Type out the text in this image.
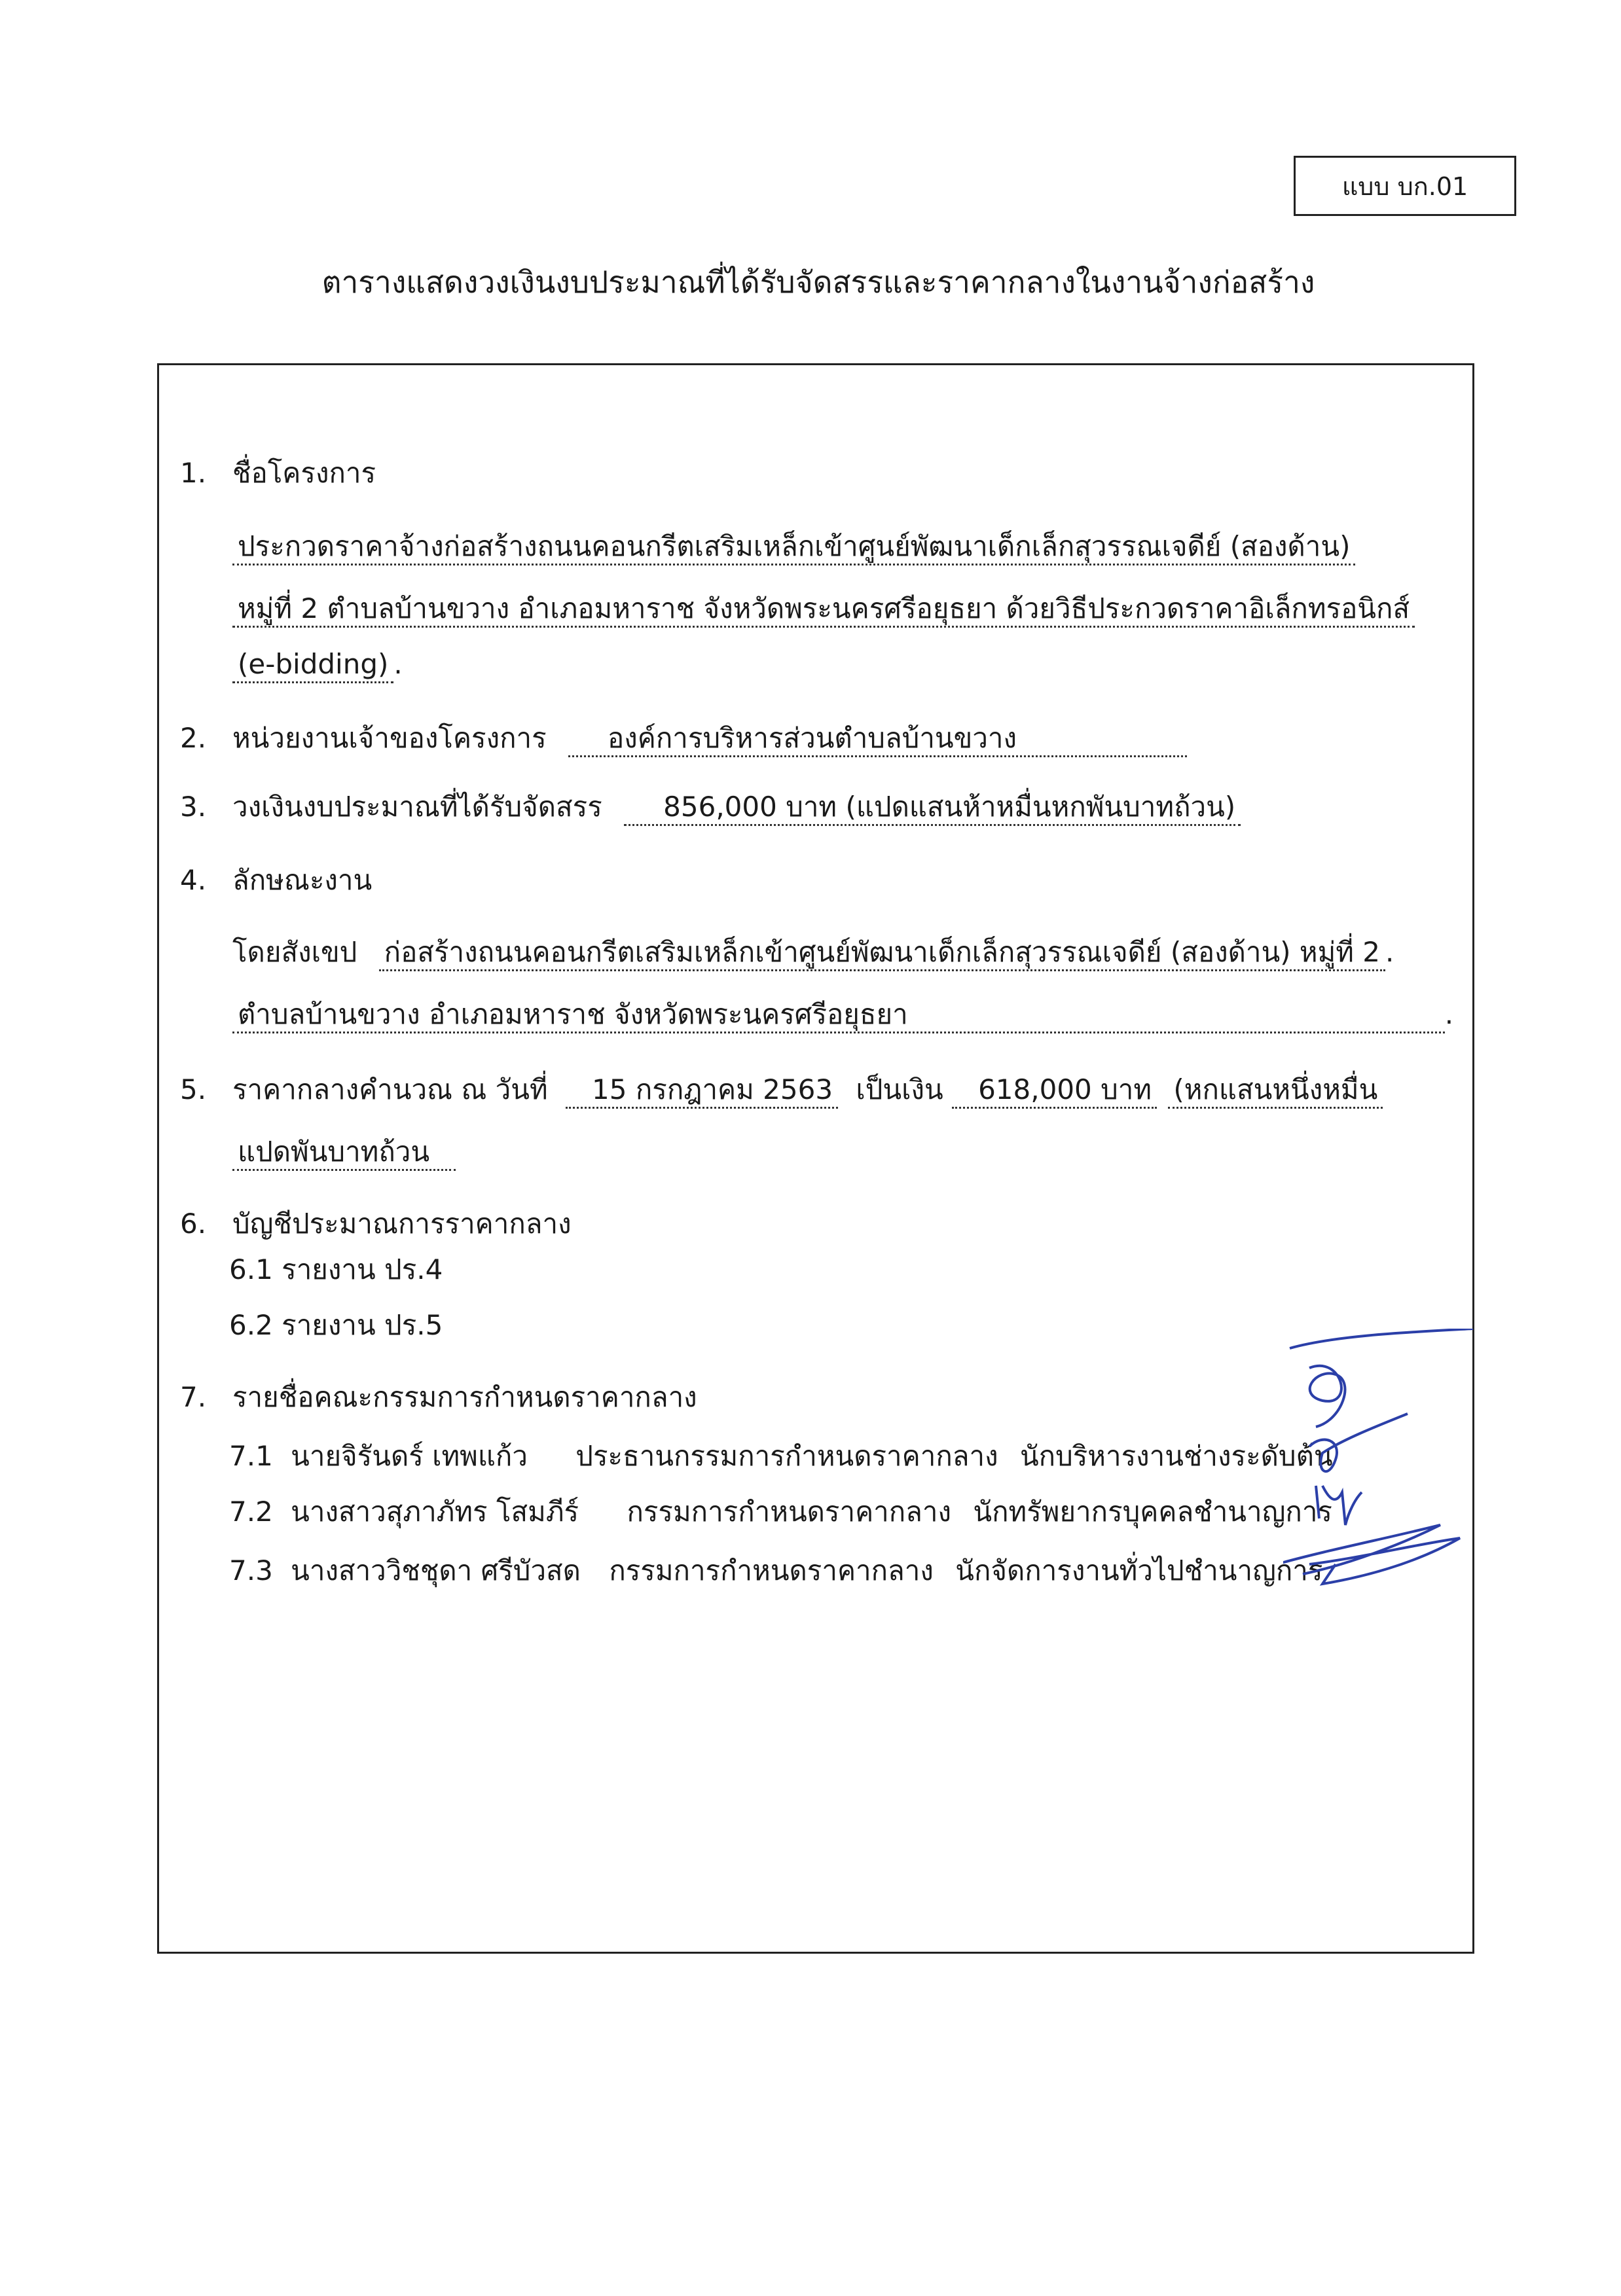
แบบ บก.01
ตารางแสดงวงเงินงบประมาณที่ได้รับจัดสรรและราคากลางในงานจ้างก่อสร้าง
1. ชื่อโครงการ
ประกวดราคาจ้างก่อสร้างถนนคอนกรีตเสริมเหล็กเข้าศูนย์พัฒนาเด็กเล็กสุวรรณเจดีย์ (สองด้าน)
หมู่ที่ 2 ตำบลบ้านขวาง อำเภอมหาราช จังหวัดพระนครศรีอยุธยา ด้วยวิธีประกวดราคาอิเล็กทรอนิกส์
(e-bidding) .
2. หน่วยงานเจ้าของโครงการ องค์การบริหารส่วนตำบลบ้านขวาง
3. วงเงินงบประมาณที่ได้รับจัดสรร 856,000 บาท (แปดแสนห้าหมื่นหกพันบาทถ้วน)
4. ลักษณะงาน
โดยสังเขป ก่อสร้างถนนคอนกรีตเสริมเหล็กเข้าศูนย์พัฒนาเด็กเล็กสุวรรณเจดีย์ (สองด้าน) หมู่ที่ 2 .
ตำบลบ้านขวาง อำเภอมหาราช จังหวัดพระนครศรีอยุธยา	.
5. ราคากลางคำนวณ ณ วันที่ 15 กรกฎาคม 2563 เป็นเงิน 618,000 บาท (หกแสนหนึ่งหมื่น
แปดพันบาทถ้วน
6. บัญชีประมาณการราคากลาง
6.1 รายงาน ปร.4
6.2 รายงาน ปร.5
7. รายชื่อคณะกรรมการกำหนดราคากลาง
7.1 นายจิรันดร์ เทพแก้ว ประธานกรรมการกำหนดราคากลาง นักบริหารงานช่างระดับต้น
7.2 นางสาวสุภาภัทร โสมภีร์ กรรมการกำหนดราคากลาง นักทรัพยากรบุคคลชำนาญการ
7.3 นางสาววิชชุดา ศรีบัวสด กรรมการกำหนดราคากลาง นักจัดการงานทั่วไปชำนาญการ
